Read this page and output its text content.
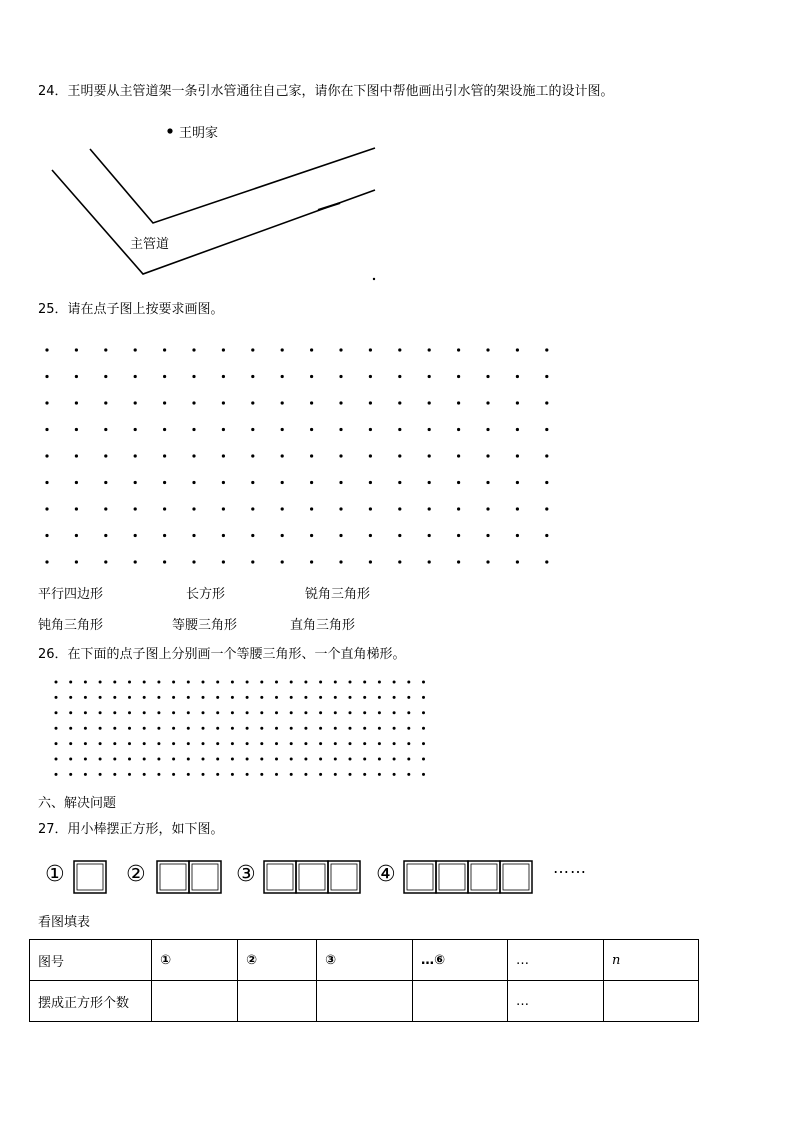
24．王明要从主管道架一条引水管通往自己家，请你在下图中帮他画出引水管的架设施工的设计图。
王明家
主管道
25．请在点子图上按要求画图。
平行四边形	长方形	锐角三角形
钝角三角形	等腰三角形	直角三角形
26．在下面的点子图上分别画一个等腰三角形、一个直角梯形。
六、解决问题
27．用小棒摆正方形，如下图。
①	②	③	④	……
看图填表
图号	①	②	③	…⑥	…	n
摆成正方形个数					…	
